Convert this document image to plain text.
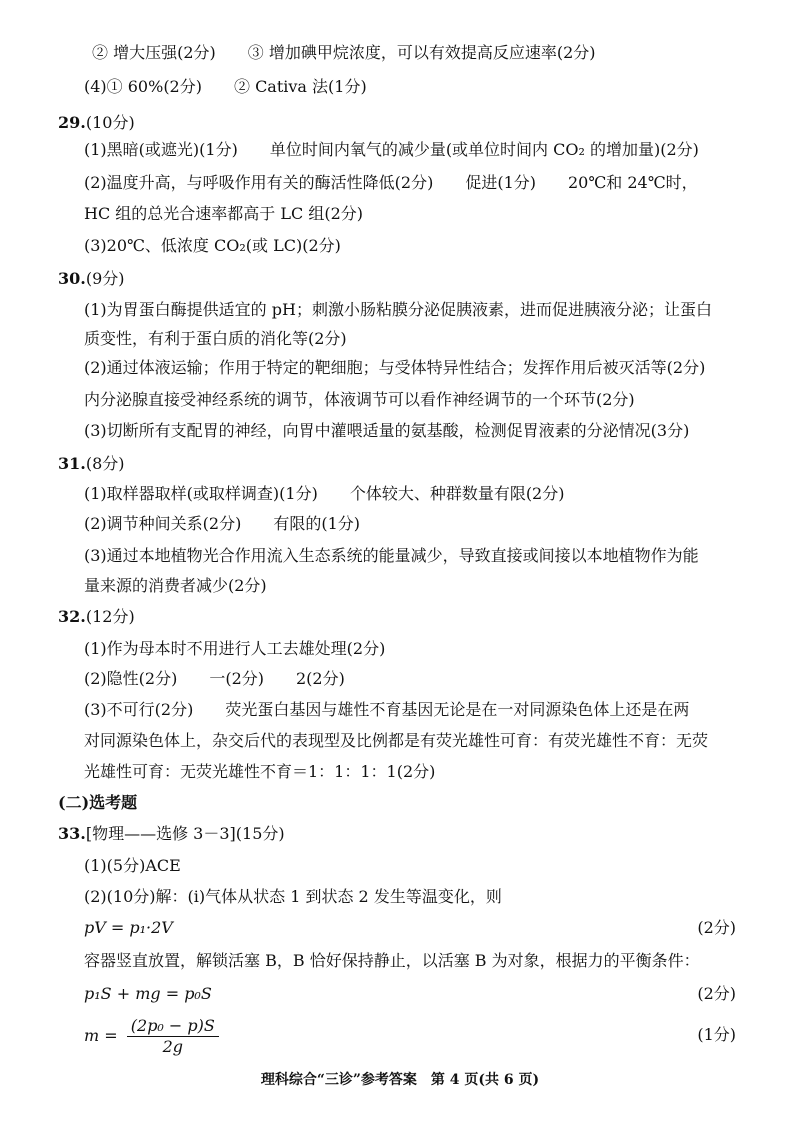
② 增大压强(2分)　　③ 增加碘甲烷浓度，可以有效提高反应速率(2分)
(4)① 60%(2分)　　② Cativa 法(1分)
29.(10分)
(1)黑暗(或遮光)(1分)　　单位时间内氧气的减少量(或单位时间内 CO₂ 的增加量)(2分)
(2)温度升高，与呼吸作用有关的酶活性降低(2分)　　促进(1分)　　20℃和 24℃时，
HC 组的总光合速率都高于 LC 组(2分)
(3)20℃、低浓度 CO₂(或 LC)(2分)
30.(9分)
(1)为胃蛋白酶提供适宜的 pH；刺激小肠粘膜分泌促胰液素，进而促进胰液分泌；让蛋白
质变性，有利于蛋白质的消化等(2分)
(2)通过体液运输；作用于特定的靶细胞；与受体特异性结合；发挥作用后被灭活等(2分)
内分泌腺直接受神经系统的调节，体液调节可以看作神经调节的一个环节(2分)
(3)切断所有支配胃的神经，向胃中灌喂适量的氨基酸，检测促胃液素的分泌情况(3分)
31.(8分)
(1)取样器取样(或取样调查)(1分)　　个体较大、种群数量有限(2分)
(2)调节种间关系(2分)　　有限的(1分)
(3)通过本地植物光合作用流入生态系统的能量减少，导致直接或间接以本地植物作为能
量来源的消费者减少(2分)
32.(12分)
(1)作为母本时不用进行人工去雄处理(2分)
(2)隐性(2分)　　一(2分)　　2(2分)
(3)不可行(2分)　　荧光蛋白基因与雄性不育基因无论是在一对同源染色体上还是在两
对同源染色体上，杂交后代的表现型及比例都是有荧光雄性可育：有荧光雄性不育：无荧
光雄性可育：无荧光雄性不育＝1：1：1：1(2分)
(二)选考题
33.[物理——选修 3－3](15分)
(1)(5分)ACE
(2)(10分)解：(i)气体从状态 1 到状态 2 发生等温变化，则
pV = p₁·2V	(2分)
容器竖直放置，解锁活塞 B，B 恰好保持静止，以活塞 B 为对象，根据力的平衡条件：
p₁S + mg = p₀S	(2分)
$m = \frac{\text{(2p₀ − p)S}}{2g}$	(1分)
理科综合“三诊”参考答案　第 4 页(共 6 页)
